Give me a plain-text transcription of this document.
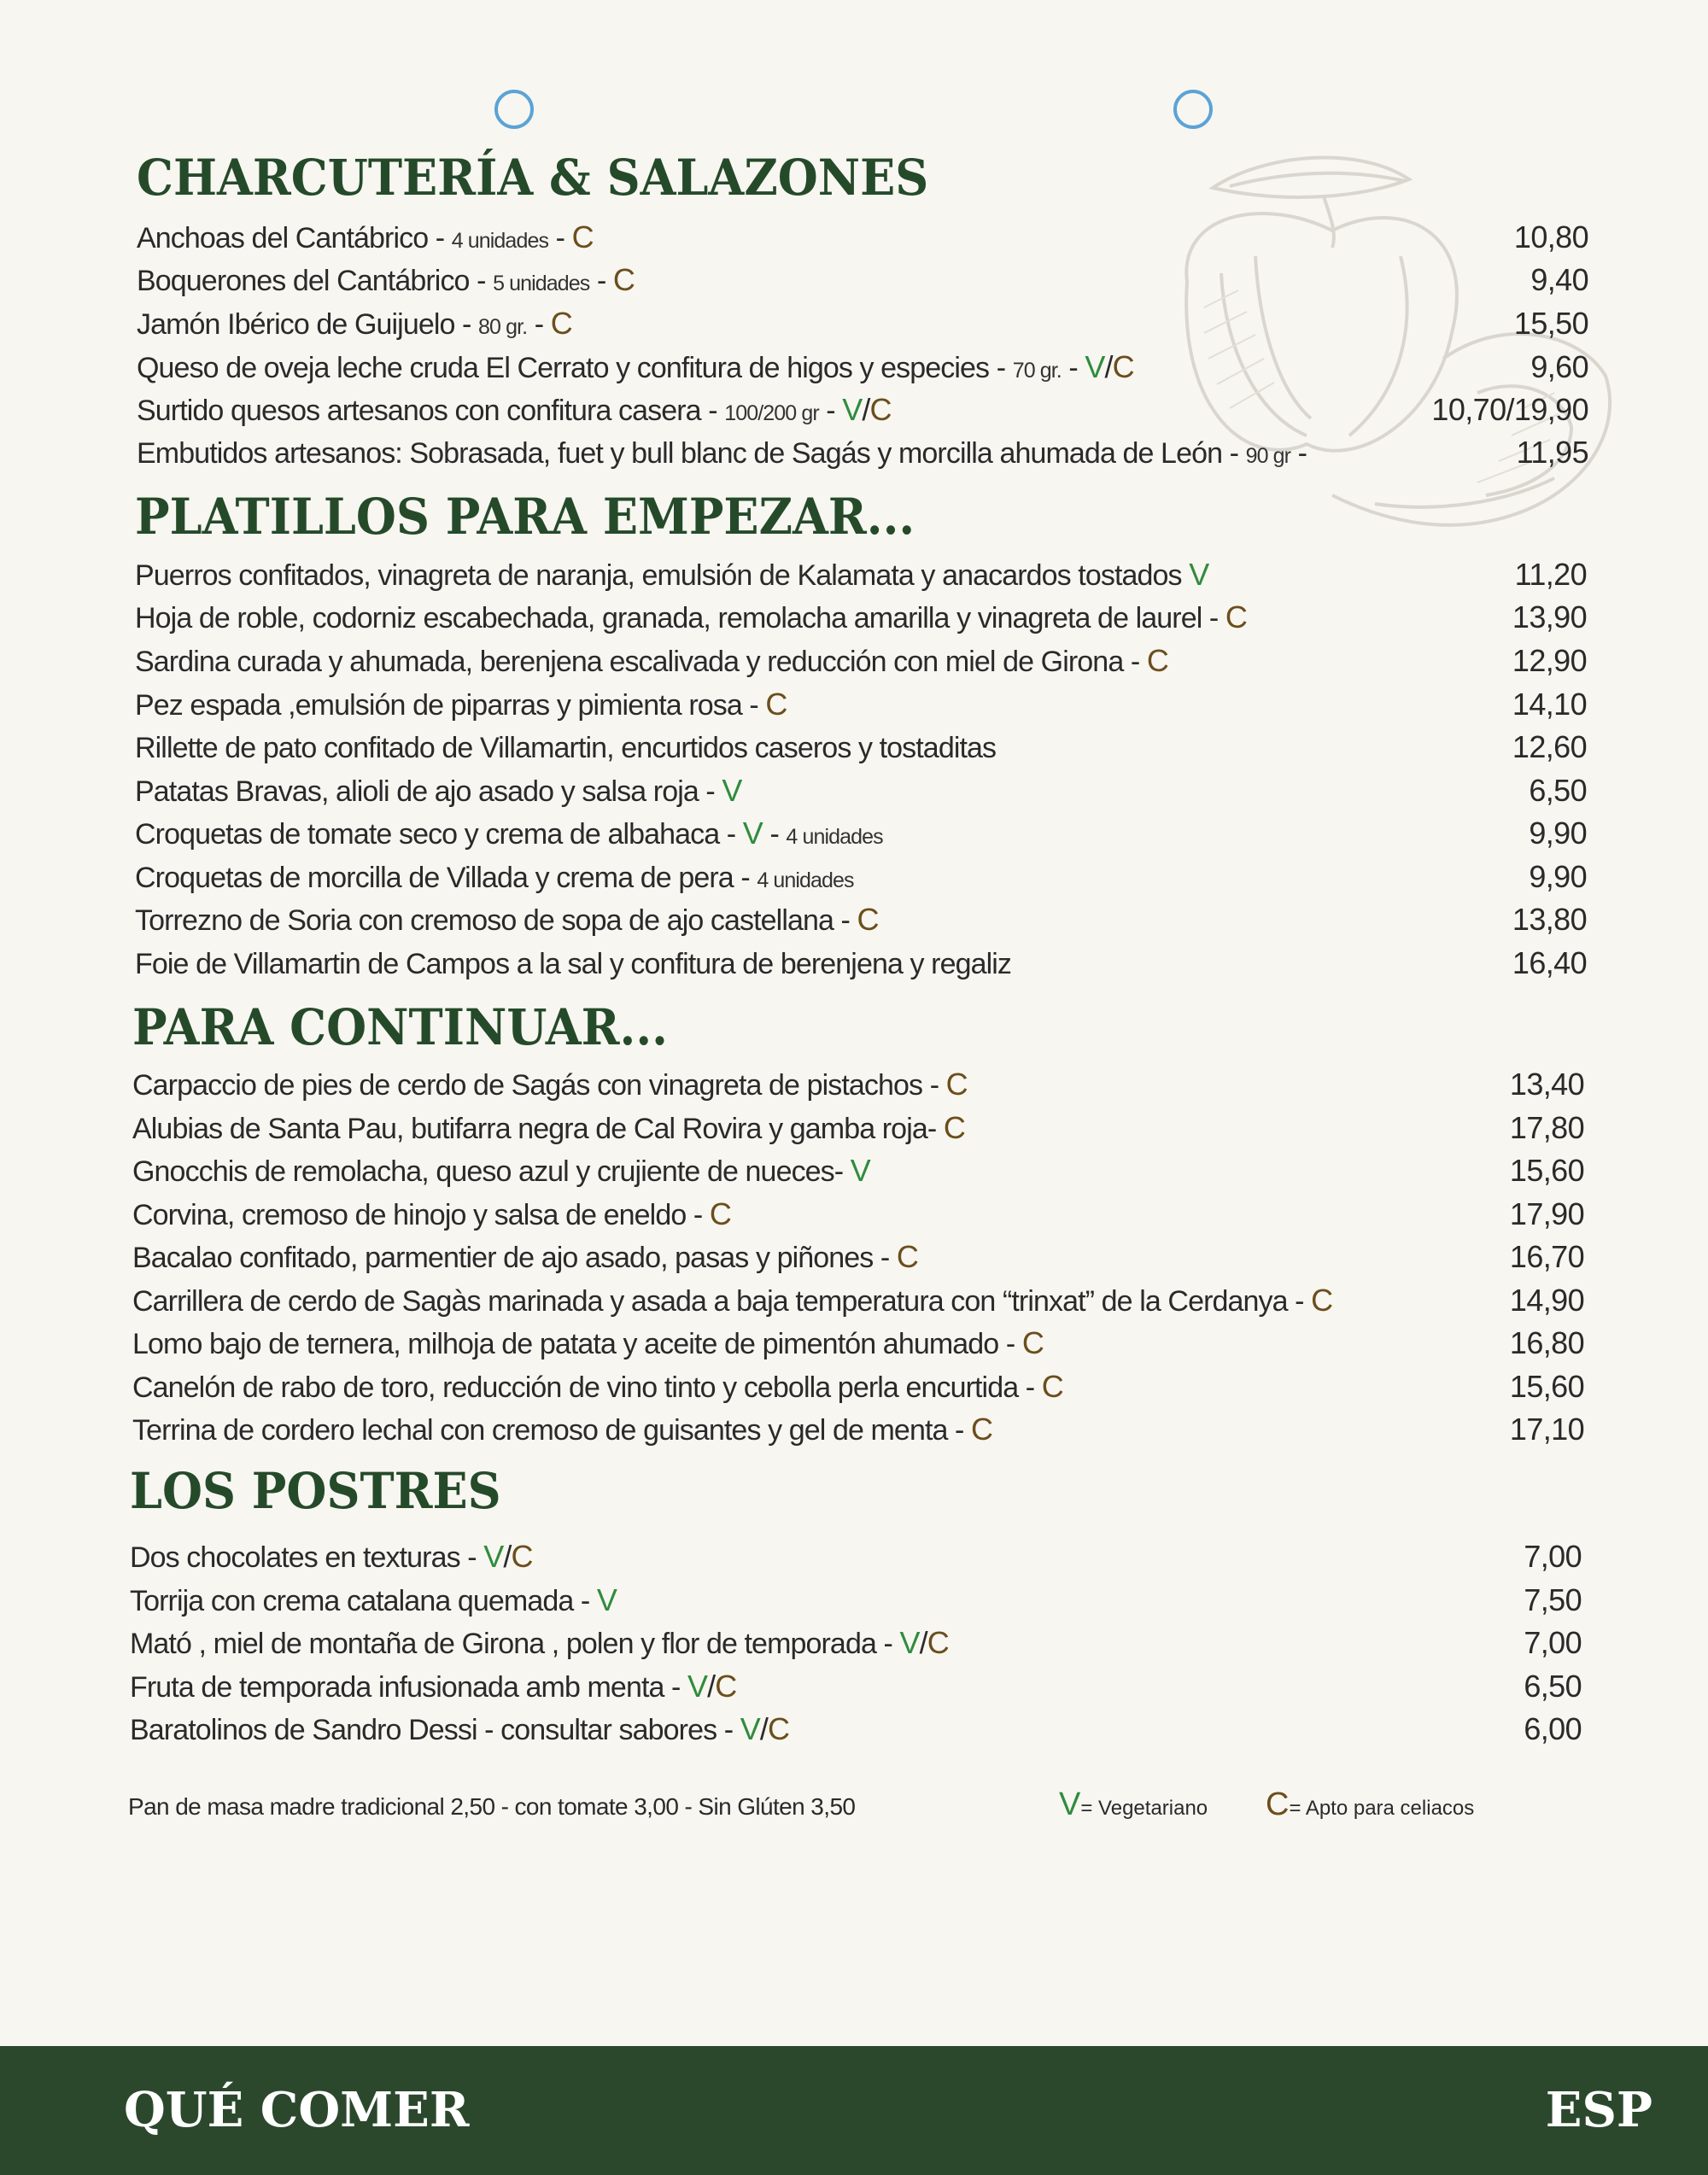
CHARCUTERÍA & SALAZONES
Anchoas del Cantábrico - 4 unidades - C	10,80
Boquerones del Cantábrico - 5 unidades - C	9,40
Jamón Ibérico de Guijuelo - 80 gr. - C	15,50
Queso de oveja leche cruda El Cerrato y confitura de higos y especies - 70 gr. - V/C	9,60
Surtido quesos artesanos con confitura casera - 100/200 gr - V/C	10,70/19,90
Embutidos artesanos: Sobrasada, fuet y bull blanc de Sagás y morcilla ahumada de León - 90 gr -	11,95
PLATILLOS PARA EMPEZAR...
Puerros confitados, vinagreta de naranja, emulsión de Kalamata y anacardos tostados V	11,20
Hoja de roble, codorniz escabechada, granada, remolacha amarilla y vinagreta de laurel - C	13,90
Sardina curada y ahumada, berenjena escalivada y reducción con miel de Girona - C	12,90
Pez espada ,emulsión de piparras y pimienta rosa - C	14,10
Rillette de pato confitado de Villamartin, encurtidos caseros y tostaditas	12,60
Patatas Bravas, alioli de ajo asado y salsa roja - V	6,50
Croquetas de tomate seco y crema de albahaca - V - 4 unidades	9,90
Croquetas de morcilla de Villada y crema de pera - 4 unidades	9,90
Torrezno de Soria con cremoso de sopa de ajo castellana - C	13,80
Foie de Villamartin de Campos a la sal y confitura de berenjena y regaliz	16,40
PARA CONTINUAR...
Carpaccio de pies de cerdo de Sagás con vinagreta de pistachos - C	13,40
Alubias de Santa Pau, butifarra negra de Cal Rovira y gamba roja- C	17,80
Gnocchis de remolacha, queso azul y crujiente de nueces- V	15,60
Corvina, cremoso de hinojo y salsa de eneldo - C	17,90
Bacalao confitado, parmentier de ajo asado, pasas y piñones - C	16,70
Carrillera de cerdo de Sagàs marinada y asada a baja temperatura con “trinxat” de la Cerdanya - C	14,90
Lomo bajo de ternera, milhoja de patata y aceite de pimentón ahumado - C	16,80
Canelón de rabo de toro, reducción de vino tinto y cebolla perla encurtida - C	15,60
Terrina de cordero lechal con cremoso de guisantes y gel de menta - C	17,10
LOS POSTRES
Dos chocolates en texturas - V/C	7,00
Torrija con crema catalana quemada - V	7,50
Mató , miel de montaña de Girona , polen y flor de temporada - V/C	7,00
Fruta de temporada infusionada amb menta - V/C	6,50
Baratolinos de Sandro Dessi - consultar sabores - V/C	6,00
Pan de masa madre tradicional 2,50 - con tomate 3,00 - Sin Glúten 3,50	V= Vegetariano C= Apto para celiacos
QUÉ COMER	ESP
